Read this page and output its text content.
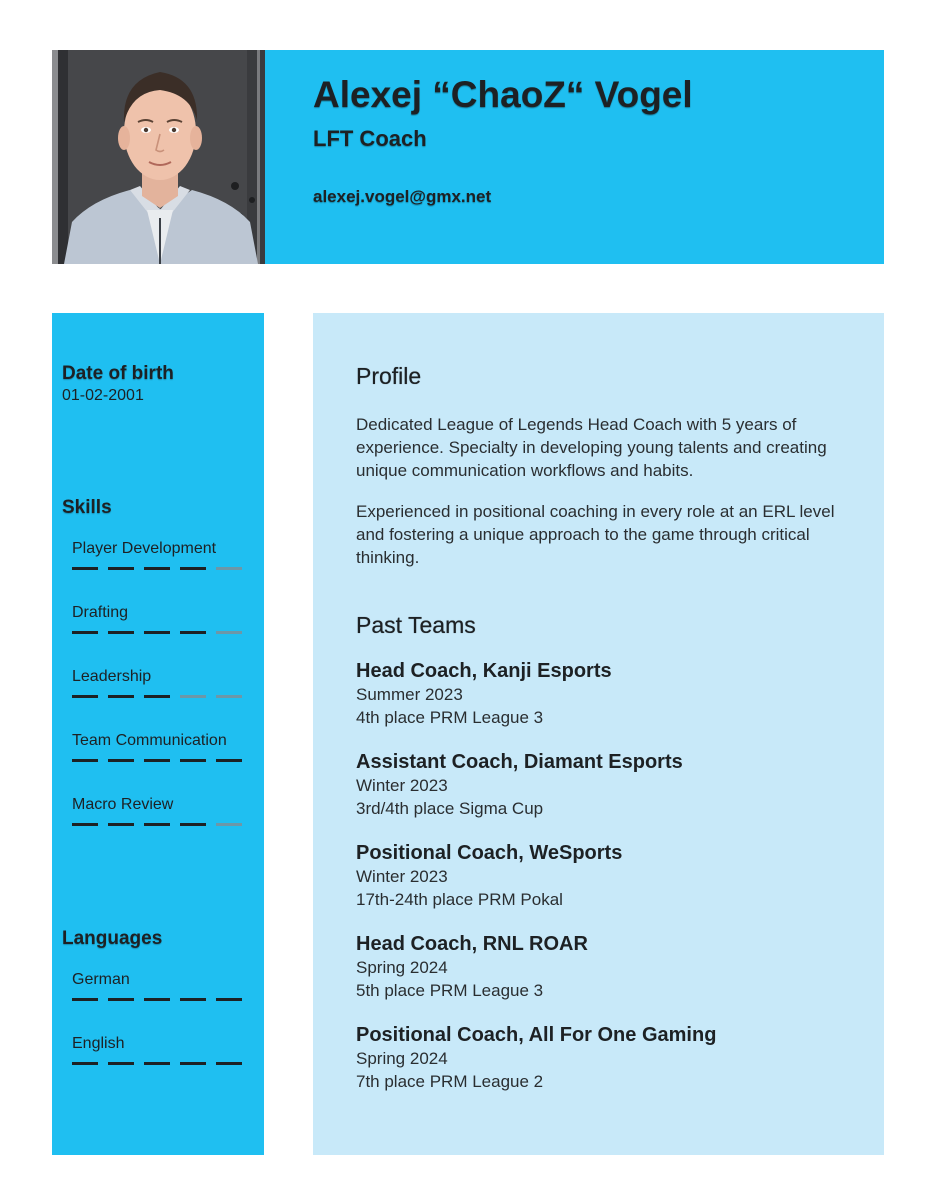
Alexej “ChaoZ“ Vogel
LFT Coach
alexej.vogel@gmx.net
Date of birth
01-02-2001
Skills
Player Development
Drafting
Leadership
Team Communication
Macro Review
Languages
German
English
Profile

Dedicated League of Legends Head Coach with 5 years of experience. Specialty in developing young talents and creating unique communication workflows and habits.

Experienced in positional coaching in every role at an ERL level and fostering a unique approach to the game through critical thinking.

Past Teams
Head Coach, Kanji Esports
Summer 2023
4th place PRM League 3
Assistant Coach, Diamant Esports
Winter 2023
3rd/4th place Sigma Cup
Positional Coach, WeSports
Winter 2023
17th-24th place PRM Pokal
Head Coach, RNL ROAR
Spring 2024
5th place PRM League 3
Positional Coach, All For One Gaming
Spring 2024
7th place PRM League 2
